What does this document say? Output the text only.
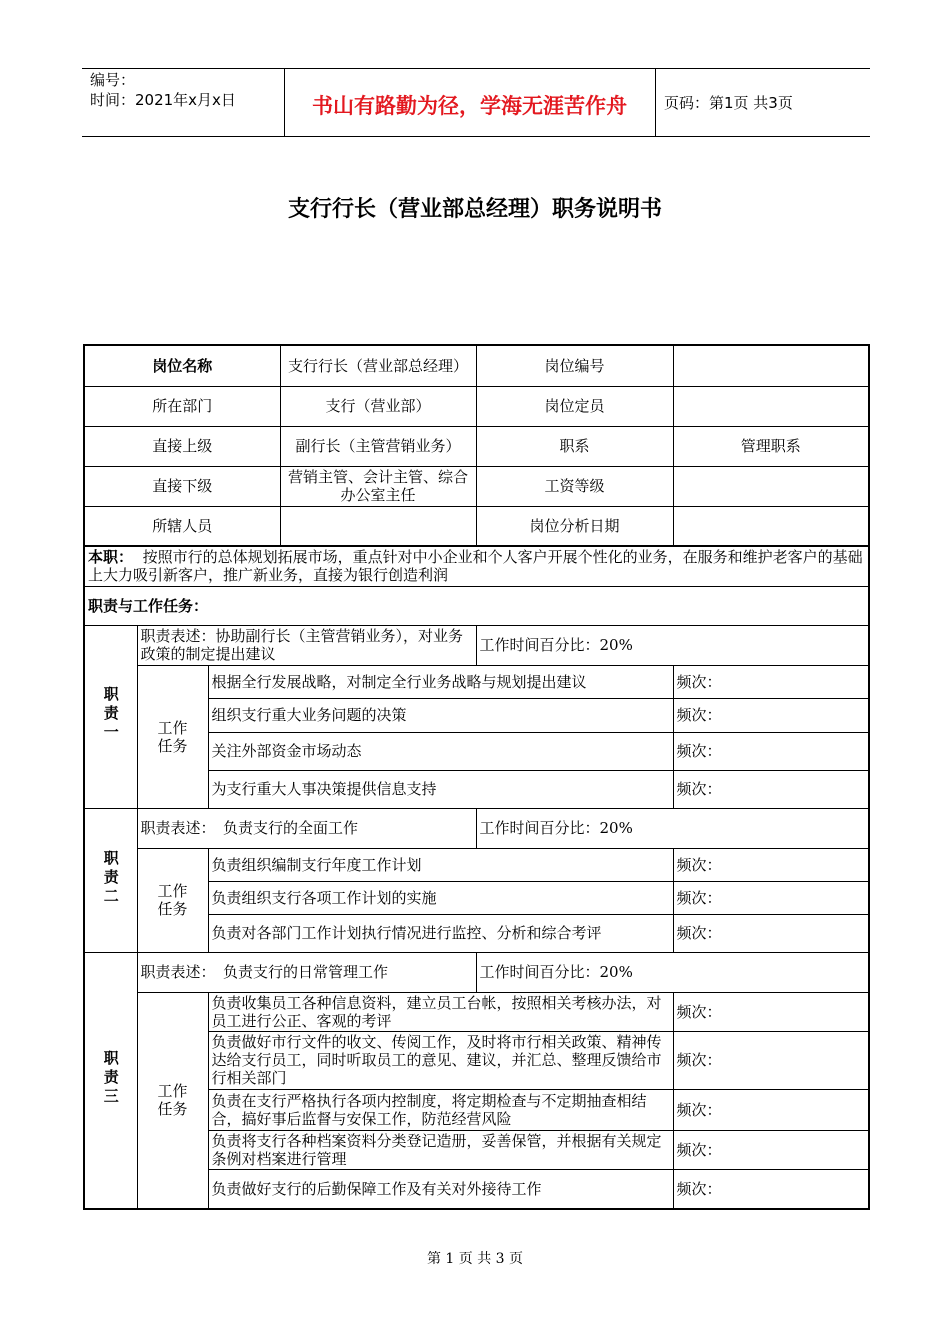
编号：
时间：2021年x月x日	书山有路勤为径，学海无涯苦作舟	页码：第1页 共3页
支行行长（营业部总经理）职务说明书
岗位名称			支行行长（营业部总经理）	岗位编号	
所在部门			支行（营业部）	岗位定员	
直接上级			副行长（主管营销业务）	职系	管理职系
直接下级			营销主管、会计主管、综合办公室主任	工资等级	
所辖人员				岗位分析日期	
本职： 按照市行的总体规划拓展市场，重点针对中小企业和个人客户开展个性化的业务，在服务和维护老客户的基础上大力吸引新客户，推广新业务，直接为银行创造利润					
职责与工作任务：					
职责一	职责表述：协助副行长（主管营销业务），对业务政策的制定提出建议			工作时间百分比：20%	
	工作任务	根据全行发展战略，对制定全行业务战略与规划提出建议			频次：
		组织支行重大业务问题的决策			频次：
		关注外部资金市场动态			频次：
		为支行重大人事决策提供信息支持			频次：
职责二	职责表述：　负责支行的全面工作			工作时间百分比：20%	
	工作任务	负责组织编制支行年度工作计划			频次：
		负责组织支行各项工作计划的实施			频次：
		负责对各部门工作计划执行情况进行监控、分析和综合考评			频次：
职责三	职责表述：　负责支行的日常管理工作			工作时间百分比：20%	
	工作任务	负责收集员工各种信息资料，建立员工台帐，按照相关考核办法，对员工进行公正、客观的考评			频次：
		负责做好市行文件的收文、传阅工作，及时将市行相关政策、精神传达给支行员工，同时听取员工的意见、建议，并汇总、整理反馈给市行相关部门			频次：
		负责在支行严格执行各项内控制度，将定期检查与不定期抽查相结合，搞好事后监督与安保工作，防范经营风险			频次：
		负责将支行各种档案资料分类登记造册，妥善保管，并根据有关规定条例对档案进行管理			频次：
		负责做好支行的后勤保障工作及有关对外接待工作			频次：
第 1 页 共 3 页
